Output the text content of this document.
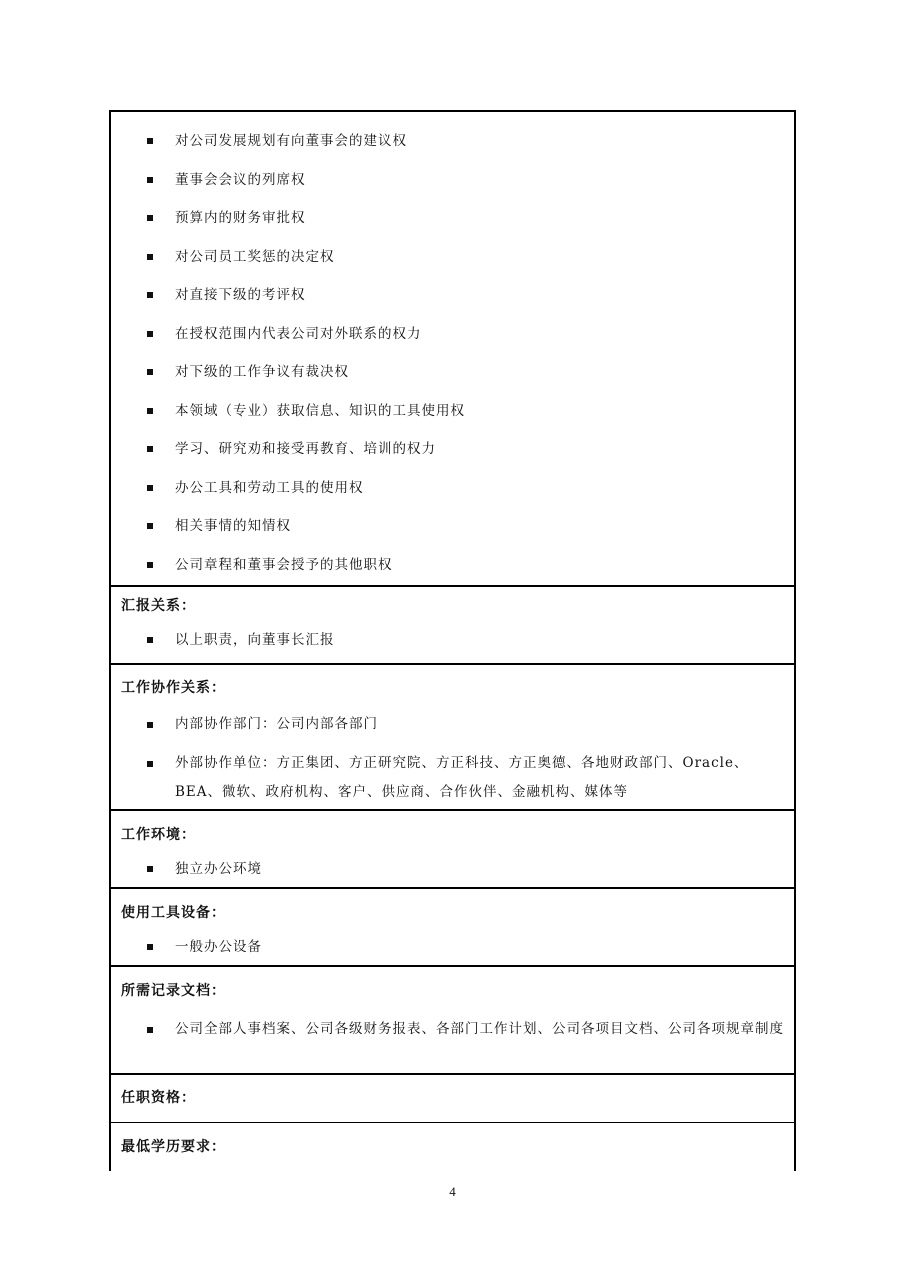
对公司发展规划有向董事会的建议权
董事会会议的列席权
预算内的财务审批权
对公司员工奖惩的决定权
对直接下级的考评权
在授权范围内代表公司对外联系的权力
对下级的工作争议有裁决权
本领域（专业）获取信息、知识的工具使用权
学习、研究劝和接受再教育、培训的权力
办公工具和劳动工具的使用权
相关事情的知情权
公司章程和董事会授予的其他职权
汇报关系：
以上职责，向董事长汇报
工作协作关系：
内部协作部门：公司内部各部门
外部协作单位：方正集团、方正研究院、方正科技、方正奥德、各地财政部门、Oracle、BEA、微软、政府机构、客户、供应商、合作伙伴、金融机构、媒体等
工作环境：
独立办公环境
使用工具设备：
一般办公设备
所需记录文档：
公司全部人事档案、公司各级财务报表、各部门工作计划、公司各项目文档、公司各项规章制度
任职资格：
最低学历要求：
4
